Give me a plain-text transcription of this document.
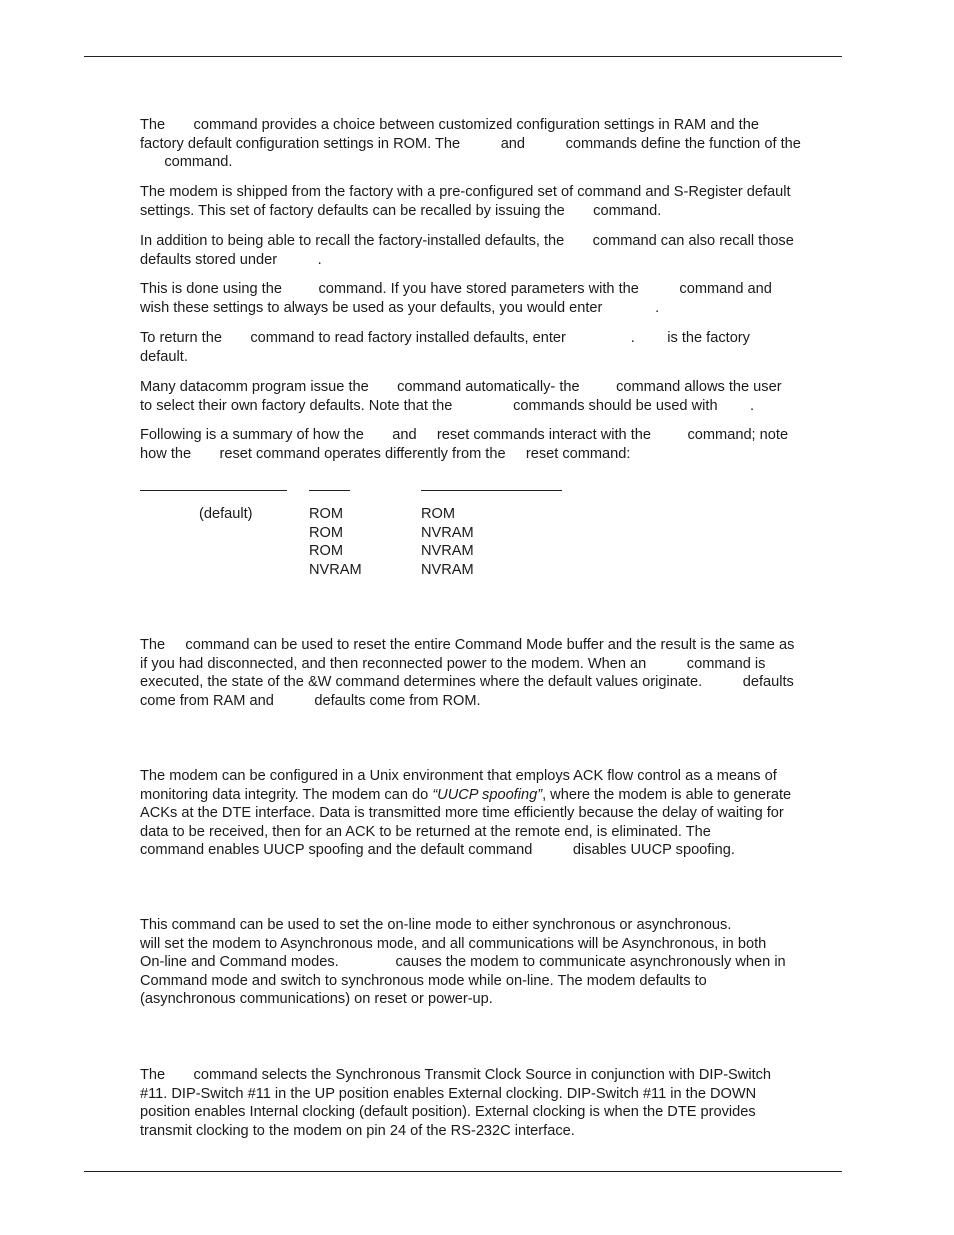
The       command provides a choice between customized configuration settings in RAM and the
factory default configuration settings in ROM. The          and          commands define the function of the
command.
The modem is shipped from the factory with a pre-configured set of command and S-Register default
settings. This set of factory defaults can be recalled by issuing the       command.
In addition to being able to recall the factory-installed defaults, the       command can also recall those
defaults stored under          .
This is done using the         command. If you have stored parameters with the          command and
wish these settings to always be used as your defaults, you would enter             .
To return the       command to read factory installed defaults, enter                .        is the factory
default.
Many datacomm program issue the       command automatically- the         command allows the user
to select their own factory defaults. Note that the               commands should be used with        .
Following is a summary of how the       and     reset commands interact with the         command; note
how the       reset command operates differently from the     reset command:
(default)	ROM
ROM
ROM
NVRAM
ROM
NVRAM
NVRAM
NVRAM
The     command can be used to reset the entire Command Mode buffer and the result is the same as
if you had disconnected, and then reconnected power to the modem. When an          command is
executed, the state of the &W command determines where the default values originate.          defaults
come from RAM and          defaults come from ROM.
The modem can be configured in a Unix environment that employs ACK flow control as a means of
monitoring data integrity. The modem can do “UUCP spoofing”, where the modem is able to generate
ACKs at the DTE interface. Data is transmitted more time efficiently because the delay of waiting for
data to be received, then for an ACK to be returned at the remote end, is eliminated. The
command enables UUCP spoofing and the default command          disables UUCP spoofing.
This command can be used to set the on-line mode to either synchronous or asynchronous.
will set the modem to Asynchronous mode, and all communications will be Asynchronous, in both
On-line and Command modes.              causes the modem to communicate asynchronously when in
Command mode and switch to synchronous mode while on-line. The modem defaults to
(asynchronous communications) on reset or power-up.
The       command selects the Synchronous Transmit Clock Source in conjunction with DIP-Switch
#11. DIP-Switch #11 in the UP position enables External clocking. DIP-Switch #11 in the DOWN
position enables Internal clocking (default position). External clocking is when the DTE provides
transmit clocking to the modem on pin 24 of the RS-232C interface.
